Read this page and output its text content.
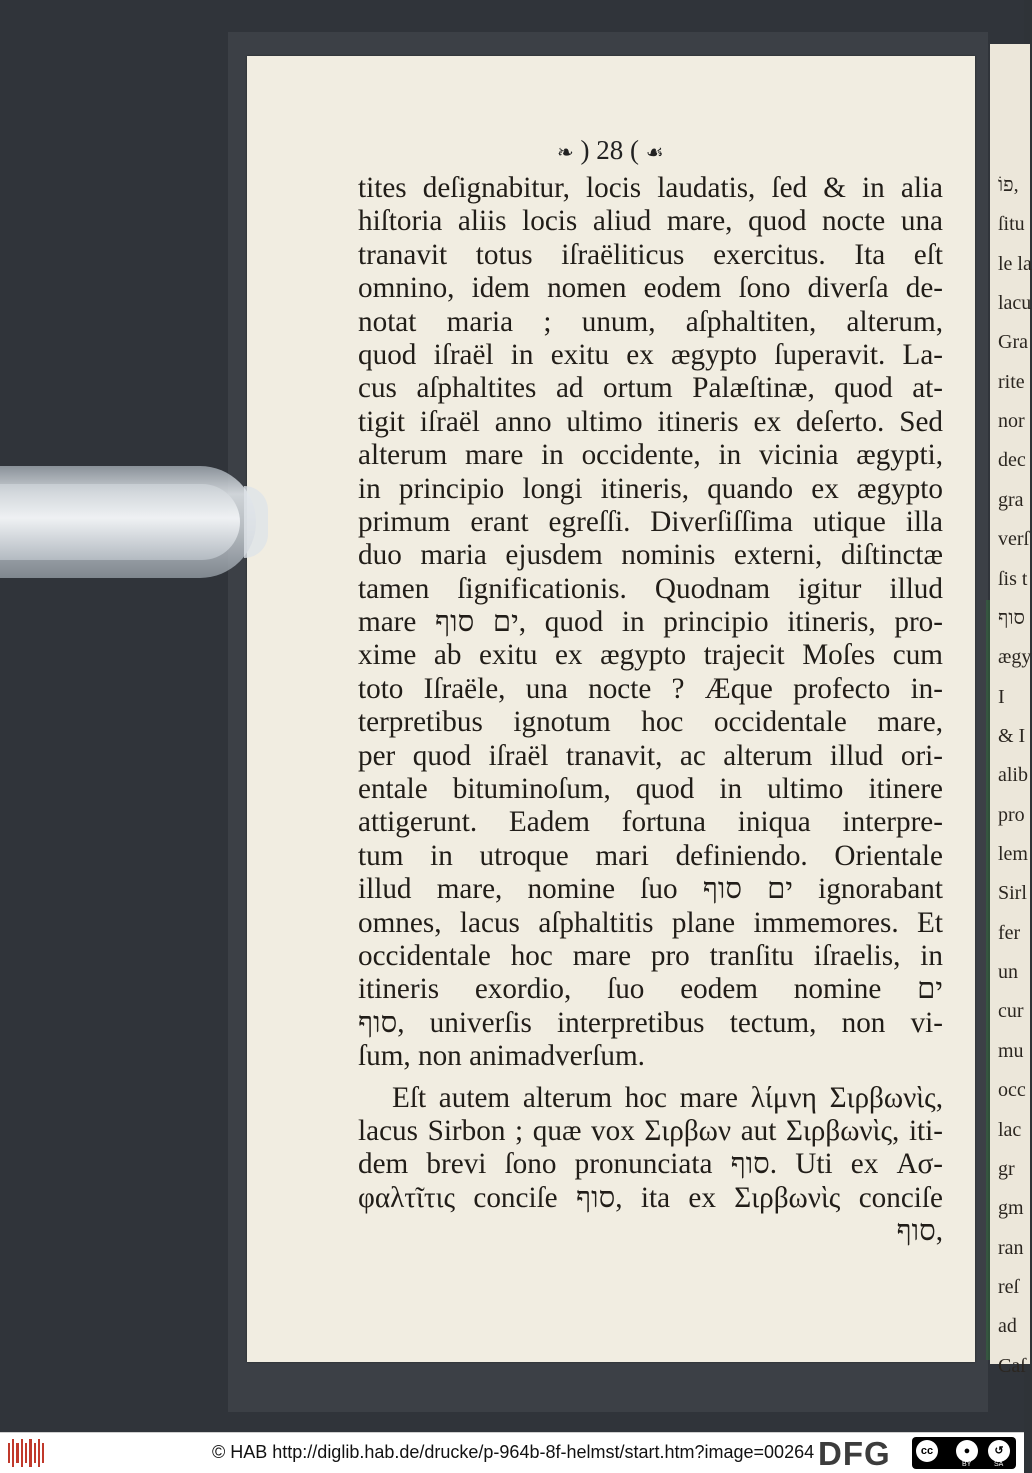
פוֹ,
ſitu
le la
lacu
Gra
rite
nor
dec
gra
verſ
ſis t
סוף
ægy
I
& I
alib
pro
lem
Sirl
fer
un
cur
mu
occ
lac
gr
gm
ran
reſ
ad
Caſ
❧ ) 28 ( ☙
tites deſignabitur, locis laudatis, ſed & in alia
hiſtoria aliis locis aliud mare, quod nocte una
tranavit totus iſraëliticus exercitus. Ita eſt
omnino, idem nomen eodem ſono diverſa de-
notat maria ; unum, aſphaltiten, alterum,
quod iſraël in exitu ex ægypto ſuperavit. La-
cus aſphaltites ad ortum Palæſtinæ, quod at-
tigit iſraël anno ultimo itineris ex deſerto. Sed
alterum mare in occidente, in vicinia ægypti,
in principio longi itineris, quando ex ægypto
primum erant egreſſi. Diverſiſſima utique illa
duo maria ejusdem nominis externi, diſtinctæ
tamen ſignificationis. Quodnam igitur illud
mare ים סוף, quod in principio itineris, pro-
xime ab exitu ex ægypto trajecit Moſes cum
toto Iſraële, una nocte ? Æque profecto in-
terpretibus ignotum hoc occidentale mare,
per quod iſraël tranavit, ac alterum illud ori-
entale bituminoſum, quod in ultimo itinere
attigerunt. Eadem fortuna iniqua interpre-
tum in utroque mari definiendo. Orientale
illud mare, nomine ſuo ים סוף ignorabant
omnes, lacus aſphaltitis plane immemores. Et
occidentale hoc mare pro tranſitu iſraelis, in
itineris exordio, ſuo eodem nomine ים
סוף, univerſis interpretibus tectum, non vi-
ſum, non animadverſum.
Eſt autem alterum hoc mare λίμνη Σιρβωνὶς,
lacus Sirbon ; quæ vox Σιρβων aut Σιρβωνὶς, iti-
dem brevi ſono pronunciata סוף. Uti ex Ασ-
φαλτῖτις conciſe סוף, ita ex Σιρβωνὶς conciſe
סוף,
© HAB http://diglib.hab.de/drucke/p-964b-8f-helmst/start.htm?image=00264 DFG	cc	●	↺
BY	SA
